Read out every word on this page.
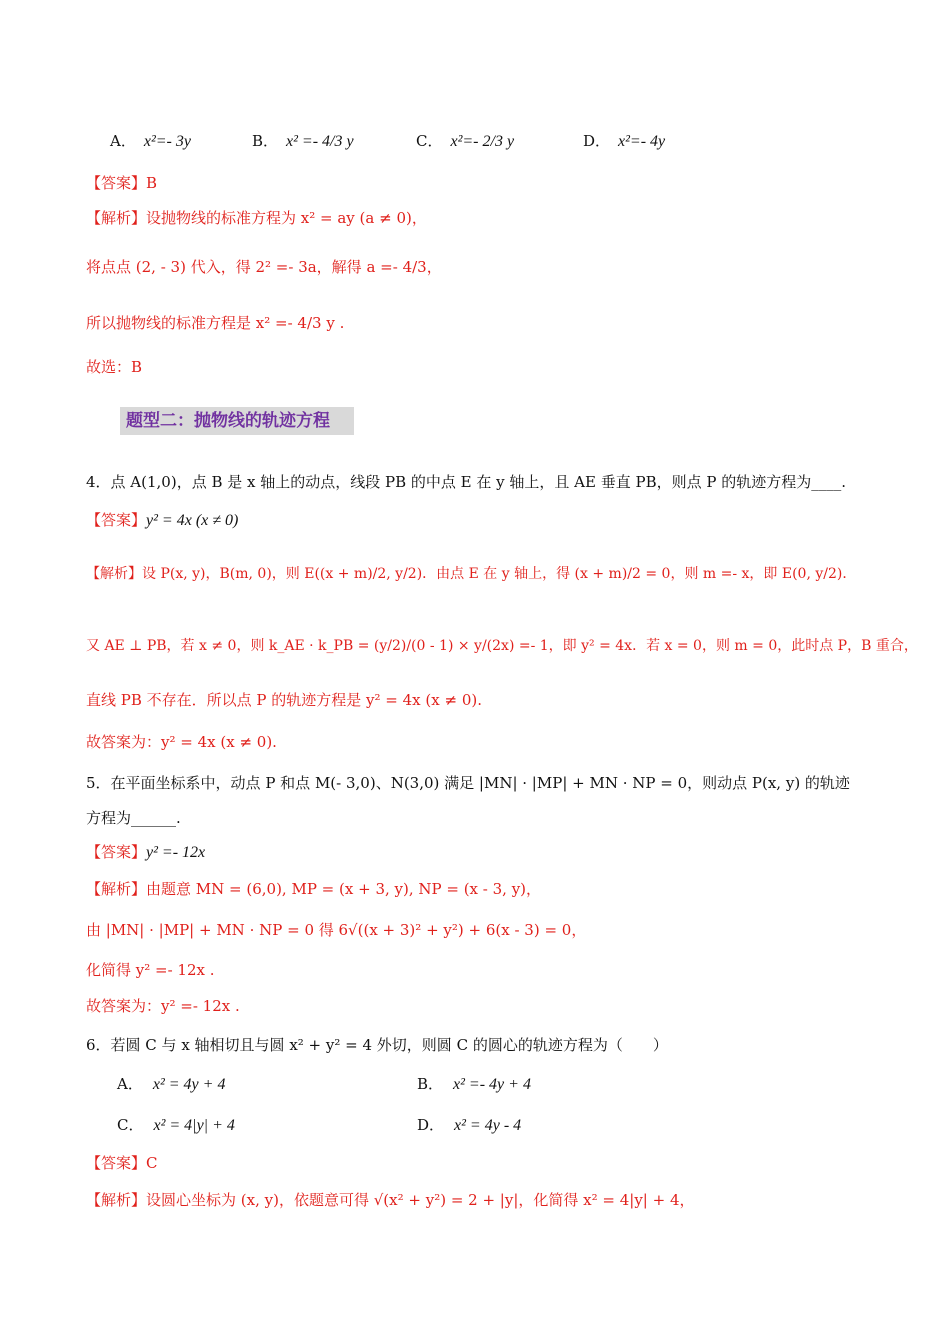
A． x²=- 3y	B． x² =- 4/3 y	C． x²=- 2/3 y	D． x²=- 4y
【答案】B
【解析】设抛物线的标准方程为 x² = ay (a ≠ 0)，
将点点 (2, - 3) 代入，得 2² =- 3a，解得 a =- 4/3，
所以抛物线的标准方程是 x² =- 4/3 y .
故选：B
题型二：抛物线的轨迹方程
4．点 A(1,0)，点 B 是 x 轴上的动点，线段 PB 的中点 E 在 y 轴上，且 AE 垂直 PB，则点 P 的轨迹方程为____.
【答案】y² = 4x (x ≠ 0)
【解析】设 P(x, y)，B(m, 0)，则 E((x + m)/2, y/2)．由点 E 在 y 轴上，得 (x + m)/2 = 0，则 m =- x，即 E(0, y/2)．
又 AE ⊥ PB，若 x ≠ 0，则 k_AE · k_PB = (y/2)/(0 - 1) × y/(2x) =- 1，即 y² = 4x．若 x = 0，则 m = 0，此时点 P，B 重合，
直线 PB 不存在．所以点 P 的轨迹方程是 y² = 4x (x ≠ 0).
故答案为：y² = 4x (x ≠ 0).
5．在平面坐标系中，动点 P 和点 M(- 3,0)、N(3,0) 满足 |MN| · |MP| + MN · NP = 0，则动点 P(x, y) 的轨迹
方程为______.
【答案】y² =- 12x
【解析】由题意 MN = (6,0), MP = (x + 3, y), NP = (x - 3, y)，
由 |MN| · |MP| + MN · NP = 0 得 6√((x + 3)² + y²) + 6(x - 3) = 0，
化简得 y² =- 12x .
故答案为：y² =- 12x .
6．若圆 C 与 x 轴相切且与圆 x² + y² = 4 外切，则圆 C 的圆心的轨迹方程为（　　）
A． x² = 4y + 4	B． x² =- 4y + 4
C． x² = 4|y| + 4	D． x² = 4y - 4
【答案】C
【解析】设圆心坐标为 (x, y)，依题意可得 √(x² + y²) = 2 + |y|，化简得 x² = 4|y| + 4，
